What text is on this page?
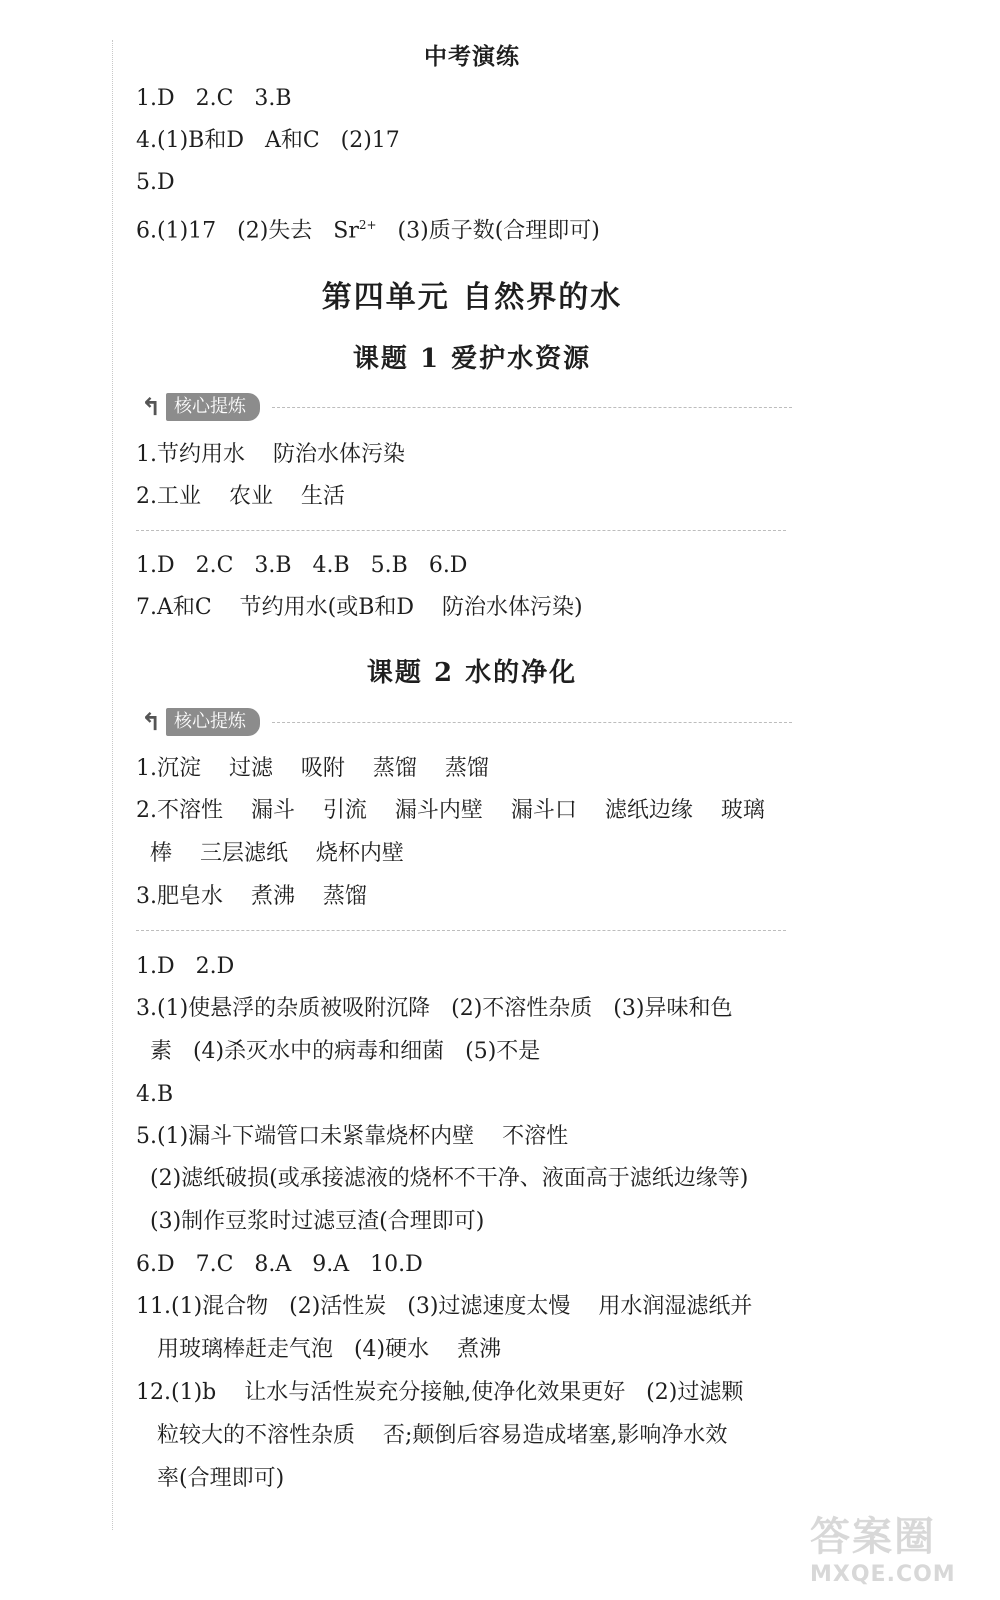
中考演练
1.D   2.C   3.B
4.(1)B和D   A和C   (2)17
5.D
6.(1)17   (2)失去   $Sr^{2+}$   (3)质子数(合理即可)
第四单元 自然界的水
课题 1 爱护水资源
↰ 核心提炼
1.节约用水    防治水体污染
2.工业    农业    生活
1.D   2.C   3.B   4.B   5.B   6.D
7.A和C    节约用水(或B和D    防治水体污染)
课题 2 水的净化
↰ 核心提炼
1.沉淀    过滤    吸附    蒸馏    蒸馏
2.不溶性    漏斗    引流    漏斗内壁    漏斗口    滤纸边缘    玻璃
棒    三层滤纸    烧杯内壁
3.肥皂水    煮沸    蒸馏
1.D   2.D
3.(1)使悬浮的杂质被吸附沉降   (2)不溶性杂质   (3)异味和色
素   (4)杀灭水中的病毒和细菌   (5)不是
4.B
5.(1)漏斗下端管口未紧靠烧杯内壁    不溶性
(2)滤纸破损(或承接滤液的烧杯不干净、液面高于滤纸边缘等)
(3)制作豆浆时过滤豆渣(合理即可)
6.D   7.C   8.A   9.A   10.D
11.(1)混合物   (2)活性炭   (3)过滤速度太慢    用水润湿滤纸并
用玻璃棒赶走气泡   (4)硬水    煮沸
12.(1)b    让水与活性炭充分接触,使净化效果更好   (2)过滤颗
粒较大的不溶性杂质    否;颠倒后容易造成堵塞,影响净水效
率(合理即可)
答案圈
MXQE.COM
